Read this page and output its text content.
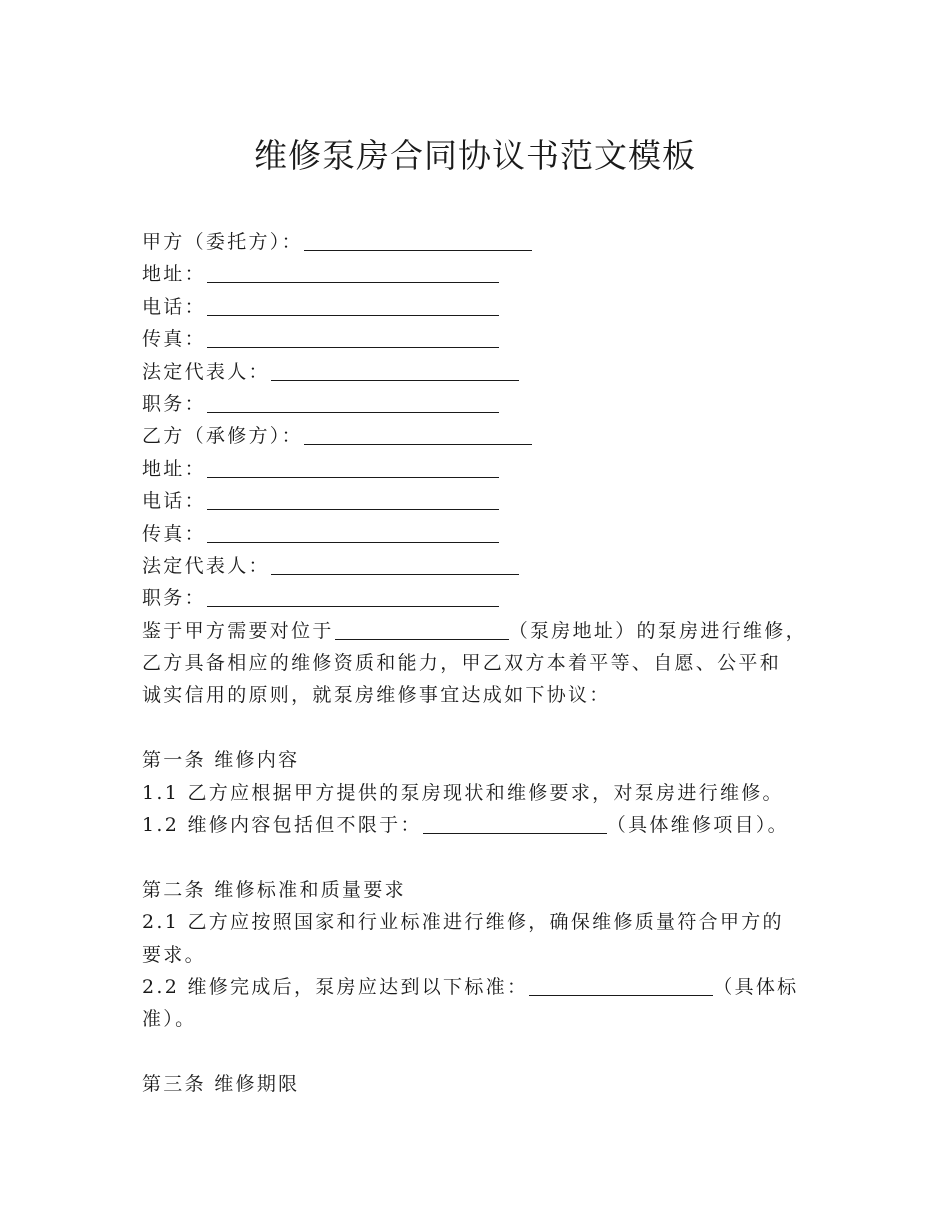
维修泵房合同协议书范文模板
甲方（委托方）：
地址：
电话：
传真：
法定代表人：
职务：
乙方（承修方）：
地址：
电话：
传真：
法定代表人：
职务：
鉴于甲方需要对位于	（泵房地址）的泵房进行维修，
乙方具备相应的维修资质和能力，甲乙双方本着平等、自愿、公平和
诚实信用的原则，就泵房维修事宜达成如下协议：
第一条 维修内容
1.1 乙方应根据甲方提供的泵房现状和维修要求，对泵房进行维修。
1.2 维修内容包括但不限于：	（具体维修项目）。
第二条 维修标准和质量要求
2.1 乙方应按照国家和行业标准进行维修，确保维修质量符合甲方的
要求。
2.2 维修完成后，泵房应达到以下标准：	（具体标
准）。
第三条 维修期限
